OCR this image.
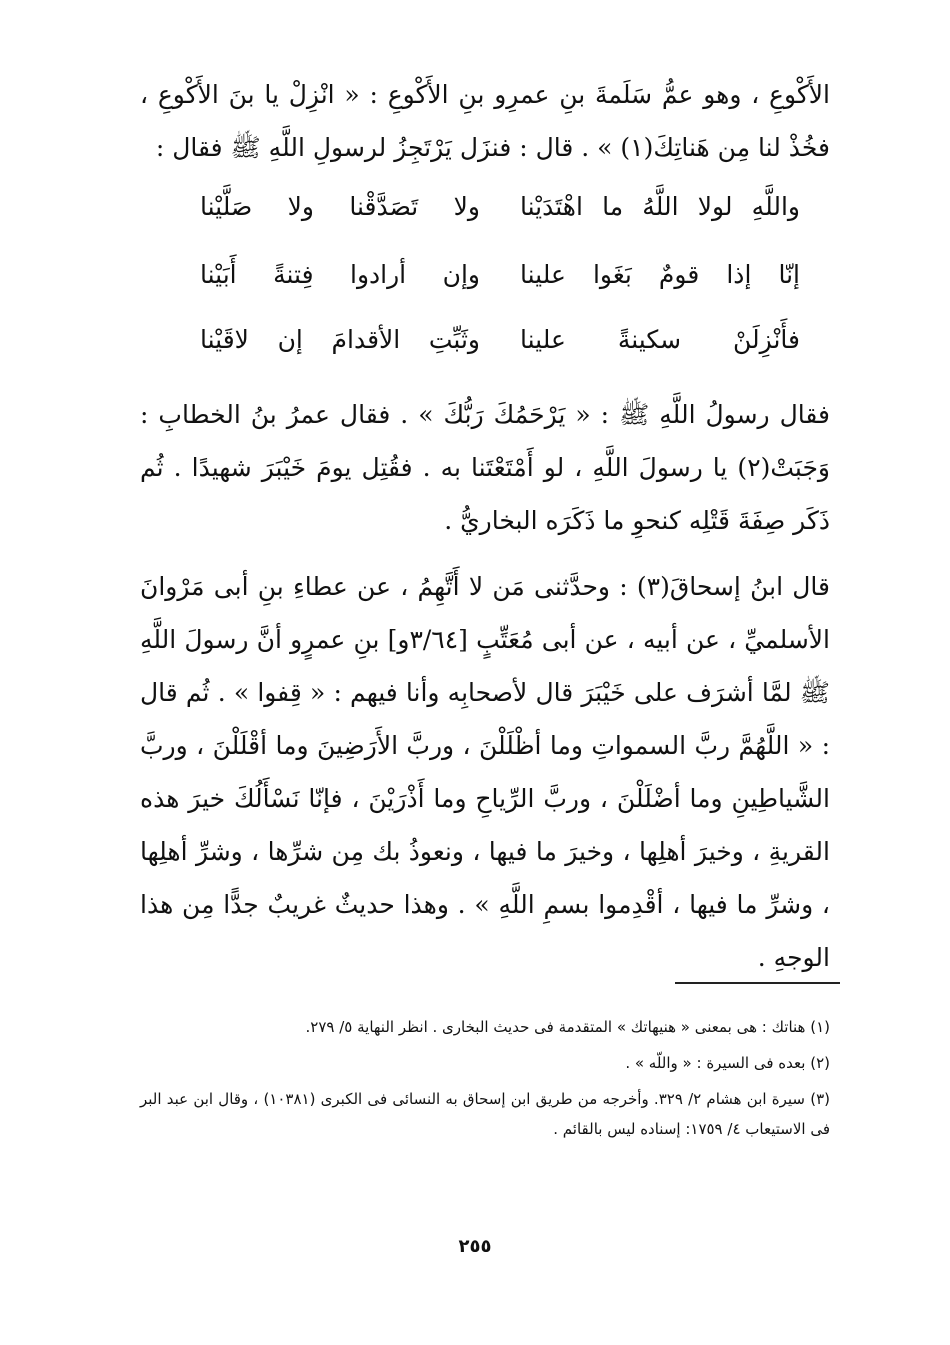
الأَكْوعِ ، وهو عمُّ سَلَمةَ بنِ عمرِو بنِ الأَكْوعِ : « انْزِلْ يا بنَ الأَكْوعِ ، فخُذْ لنا مِن هَناتِكَ(١) » . قال : فنزَل يَرْتَجِزُ لرسولِ اللَّهِ ﷺ فقال :

واللَّهِ لولا اللَّهُ ما اهْتَدَيْنا
ولا تَصَدَّقْنا ولا صَلَّيْنا
إنّا إذا قومٌ بَغَوا علينا
وإن أرادوا فِتنةً أَبَيْنا
فأَنْزِلَنْ سكينةً علينا
وثَبِّتِ الأقدامَ إن لاقَيْنا

فقال رسولُ اللَّهِ ﷺ : « يَرْحَمُكَ رَبُّكَ » . فقال عمرُ بنُ الخطابِ : وَجَبَتْ(٢) يا رسولَ اللَّهِ ، لو أَمْتَعْتَنا به . فقُتِل يومَ خَيْبَرَ شهيدًا . ثُم ذَكَر صِفَةَ قَتْلِه كنحوِ ما ذَكَرَه البخاريُّ .

قال ابنُ إسحاقَ(٣) : وحدَّثنى مَن لا أَتَّهِمُ ، عن عطاءِ بنِ أبى مَرْوانَ الأسلميِّ ، عن أبيه ، عن أبى مُعَتِّبٍ [٣/٦٤و] بنِ عمرٍو أنَّ رسولَ اللَّهِ ﷺ لمَّا أشرَف على خَيْبَرَ قال لأصحابِه وأنا فيهم : « قِفوا » . ثُم قال : « اللَّهُمَّ ربَّ السمواتِ وما أظْلَلْنَ ، وربَّ الأَرَضِينَ وما أقْلَلْنَ ، وربَّ الشَّياطِينِ وما أضْلَلْنَ ، وربَّ الرِّياحِ وما أَذْرَيْنَ ، فإنّا نَسْأَلُكَ خيرَ هذه القريةِ ، وخيرَ أهلِها ، وخيرَ ما فيها ، ونعوذُ بك مِن شرِّها ، وشرِّ أهلِها ، وشرِّ ما فيها ، أقْدِموا بسمِ اللَّهِ » . وهذا حديثٌ غريبٌ جدًّا مِن هذا الوجهِ .

(١) هناتك : هى بمعنى « هنيهاتك » المتقدمة فى حديث البخارى . انظر النهاية ٥/ ٢٧٩.

(٢) بعده فى السيرة : « واللّه » .

(٣) سيرة ابن هشام ٢/ ٣٢٩. وأخرجه من طريق ابن إسحاق به النسائى فى الكبرى (١٠٣٨١) ، وقال ابن عبد البر فى الاستيعاب ٤/ ١٧٥٩: إسناده ليس بالقائم .

٢٥٥
